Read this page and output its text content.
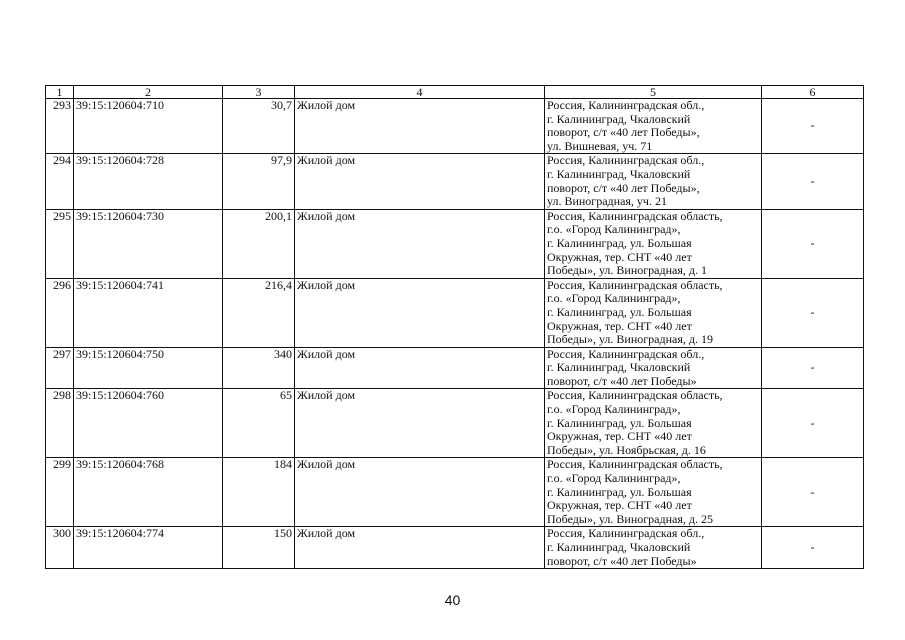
1	2	3	4	5	6
293	39:15:120604:710	30,7	Жилой дом	Россия, Калининградская обл.,
г. Калининград, Чкаловский
поворот, с/т «40 лет Победы»,
ул. Вишневая, уч. 71	-
294	39:15:120604:728	97,9	Жилой дом	Россия, Калининградская обл.,
г. Калининград, Чкаловский
поворот, с/т «40 лет Победы»,
ул. Виноградная, уч. 21	-
295	39:15:120604:730	200,1	Жилой дом	Россия, Калининградская область,
г.о. «Город Калининград»,
г. Калининград, ул. Большая
Окружная, тер. СНТ «40 лет
Победы», ул. Виноградная, д. 1	-
296	39:15:120604:741	216,4	Жилой дом	Россия, Калининградская область,
г.о. «Город Калининград»,
г. Калининград, ул. Большая
Окружная, тер. СНТ «40 лет
Победы», ул. Виноградная, д. 19	-
297	39:15:120604:750	340	Жилой дом	Россия, Калининградская обл.,
г. Калининград, Чкаловский
поворот, с/т «40 лет Победы»	-
298	39:15:120604:760	65	Жилой дом	Россия, Калининградская область,
г.о. «Город Калининград»,
г. Калининград, ул. Большая
Окружная, тер. СНТ «40 лет
Победы», ул. Ноябрьская, д. 16	-
299	39:15:120604:768	184	Жилой дом	Россия, Калининградская область,
г.о. «Город Калининград»,
г. Калининград, ул. Большая
Окружная, тер. СНТ «40 лет
Победы», ул. Виноградная, д. 25	-
300	39:15:120604:774	150	Жилой дом	Россия, Калининградская обл.,
г. Калининград, Чкаловский
поворот, с/т «40 лет Победы»	-
40
